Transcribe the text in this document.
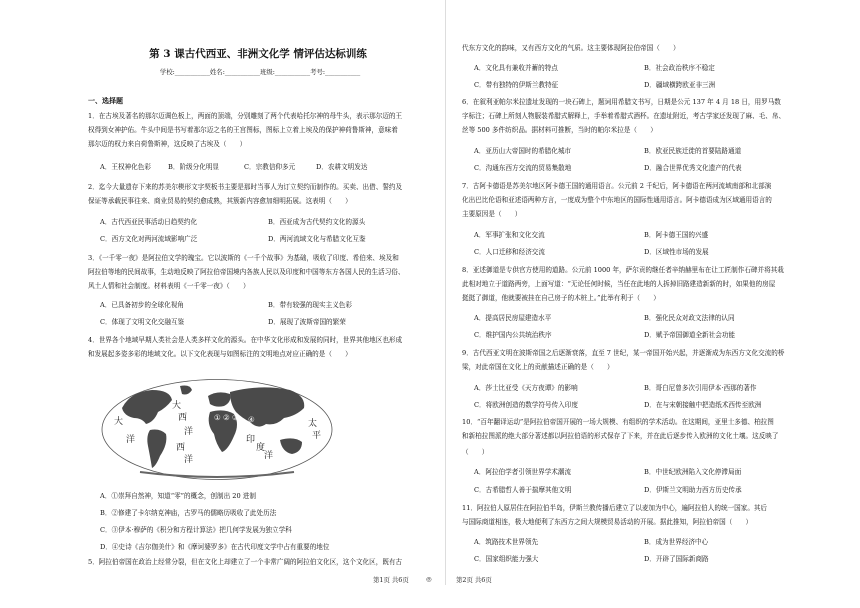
第 3 课古代西亚、非洲文化学 情评估达标训练
学校:___________姓名:___________班级:___________考号:___________
一、选择题
1．在古埃及著名的那尔迈调色板上，两面的顶端，分别雕刻了两个代表哈托尔神的母牛头，表示那尔迈的王
权得到女神护佑。牛头中间是书写着那尔迈之名的王宫图标，图标上立着上埃及的保护神荷鲁斯神，意味着
那尔迈的权力来自荷鲁斯神，这反映了古埃及（　　）
A．王权神化色彩	B．阶级分化明显	C．宗教信仰多元	D．农耕文明发达
2．迄今大量遗存下来的苏美尔楔形文字契板书主要是那时当事人为订立契约而制作的。买卖、出借、誓约及
保证等承载民事往来、商业贸易的契约愈成熟，其簇新内容愈加细明拓展。这表明（　　）
A．古代西亚民事活动日趋契约化	B．西亚成为古代契约文化的源头
C．西方文化对两河流域影响广泛	D．两河流域文化与希腊文化互鉴
3．《一千零一夜》是阿拉伯文学的瑰宝。它以波斯的《一千个故事》为基础，吸收了印度、希伯来、埃及和
阿拉伯等地的民间故事，生动地反映了阿拉伯帝国境内各族人民以及印度和中国等东方各国人民的生活习俗、
风土人情和社会制度。材料表明《一千零一夜》（　　）
A．已具备初步的全球化视角	B．带有较强的现实主义色彩
C．体现了文明文化交融互鉴	D．展现了波斯帝国的繁荣
4．世界各个地域早期人类社会是人类多样文化的源头。在中华文化形成和发展的同时，世界其他地区也形成
和发展起多姿多彩的地域文化。以下文化表现与如图标注的文明地点对应正确的是（　　）
大	西
洋
大
西
洋
印
度
洋
太
平
洋
① ② ③ ④
A．①崇拜自然神，知道“零”的概念，创制出 20 进制
B．②修建了卡尔纳克神庙，古罗马的儒略历吸收了此处历法
C．③伊本·穆萨的《积分和方程计算法》把几何学发展为独立学科
D．④史诗《吉尔伽美什》和《摩诃婆罗多》在古代印度文学中占有重要的地位
5．阿拉伯帝国在政治上经常分裂，但在文化上却建立了一个非常广阔的阿拉伯文化区，这个文化区，既有古
代东方文化的韵味，又有西方文化的气质。这主要体现阿拉伯帝国（　　）
A．文化具有兼收并蓄的特点	B．社会政治秩序不稳定
C．带有独特的伊斯兰教特征	D．疆域横跨欧亚非三洲
6．在叙利亚帕尔米拉遗址发现的一块石碑上，题词用希腊文书写，日期是公元 137 年 4 月 18 日，用罗马数
字标注；石碑上所刻人物服装希腊式解释上，手举着希腊式酒杯。在遗址附近，考古学家还发现了麻、毛、帛、
丝等 500 多件纺织品。据材料可推断，当时的帕尔米拉是（　　）
A．亚历山大帝国时的希腊化城市	B．欧亚民族迁徙的首要陆路通道
C．沟通东西方交流的贸易集散地	D．融合世界优秀文化遗产的代表
7．古阿卡德语是苏美尔地区阿卡德王国的通用语言。公元前 2 千纪后，阿卡德语在两河流域南部和北部演
化出巴比伦语和亚述语两种方言，一度成为整个中东地区的国际性通用语言。阿卡德语成为区域通用语言的
主要原因是（　　）
A．军事扩张和文化交流	B．阿卡德王国的兴盛
C．人口迁移和经济交流	D．区域性市场的发展
8．亚述御道是专供官方使用的道路。公元前 1000 年，萨尔贡的继任者辛纳赫里布在让工匠制作石碑并将其栽
此相对地立于道路两旁，上面写道：“无论任何时候，当任在此地的人拆掉旧路建造新新的时，如果他的房屋
挺挺了御道，他就要被挂在自己房子的木桩上。”此举有利于（　　）
A．提高居民房屋建造水平	B．强化民众对政文法律的认同
C．维护国内公共统治秩序	D．赋予帝国御道全新社会功能
9．古代西亚文明在波斯帝国之后逐渐衰落，直至 7 世纪，某一帝国开始兴起，并逐渐成为东西方文化交流的桥
梁，对此帝国在文化上的贡献描述正确的是（　　）
A．莎士比亚受《天方夜谭》的影响	B．哥白尼曾多次引用伊本·西那的著作
C．将欧洲创造的数学符号传入印度	D．在与宋朝接触中把造纸术西传至欧洲
10．“百年翻译运动”是阿拉伯帝国开展的一场大规模、有组织的学术活动。在这期间，亚里士多德、柏拉图
和新柏拉图派的绝大部分著述都以阿拉伯语的形式保存了下来，并在此后逐步传入欧洲的文化土壤。这反映了
（　　）
A．阿拉伯学者引领世界学术潮流	B．中世纪欧洲陷入文化停滞局面
C．古希腊哲人善于揣摩其他文明	D．伊斯兰文明助力西方历史传承
11．阿拉伯人原居住在阿拉伯半岛，伊斯兰教传播后建立了以麦加为中心，遍阿拉伯人的统一国家。其后
与国际商道相连，极大地便利了东西方之间大规模贸易活动的开展。据此推知，阿拉伯帝国（　　）
A．筑路技术世界领先	B．成为世界经济中心
C．国家组织能力强大	D．开辟了国际新商路
第1页 共6页	◎	第2页 共6页
